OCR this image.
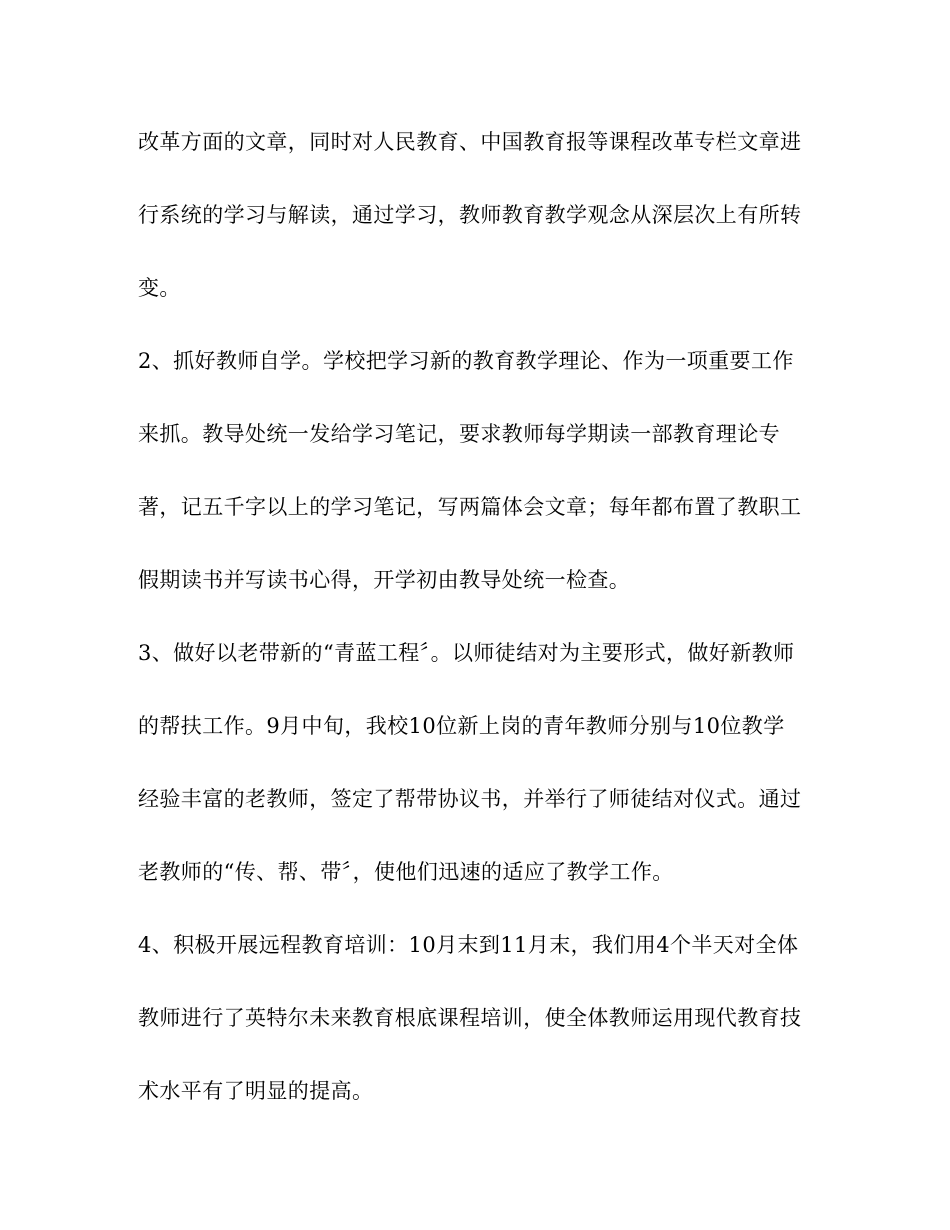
改革方面的文章，同时对人民教育、中国教育报等课程改革专栏文章进
行系统的学习与解读，通过学习，教师教育教学观念从深层次上有所转
变。
2、抓好教师自学。学校把学习新的教育教学理论、作为一项重要工作
来抓。教导处统一发给学习笔记，要求教师每学期读一部教育理论专
著，记五千字以上的学习笔记，写两篇体会文章；每年都布置了教职工
假期读书并写读书心得，开学初由教导处统一检查。
3、做好以老带新的“青蓝工程〞。以师徒结对为主要形式，做好新教师
的帮扶工作。9月中旬，我校10位新上岗的青年教师分别与10位教学
经验丰富的老教师，签定了帮带协议书，并举行了师徒结对仪式。通过
老教师的“传、帮、带〞，使他们迅速的适应了教学工作。
4、积极开展远程教育培训：10月末到11月末，我们用4个半天对全体
教师进行了英特尔未来教育根底课程培训，使全体教师运用现代教育技
术水平有了明显的提高。
